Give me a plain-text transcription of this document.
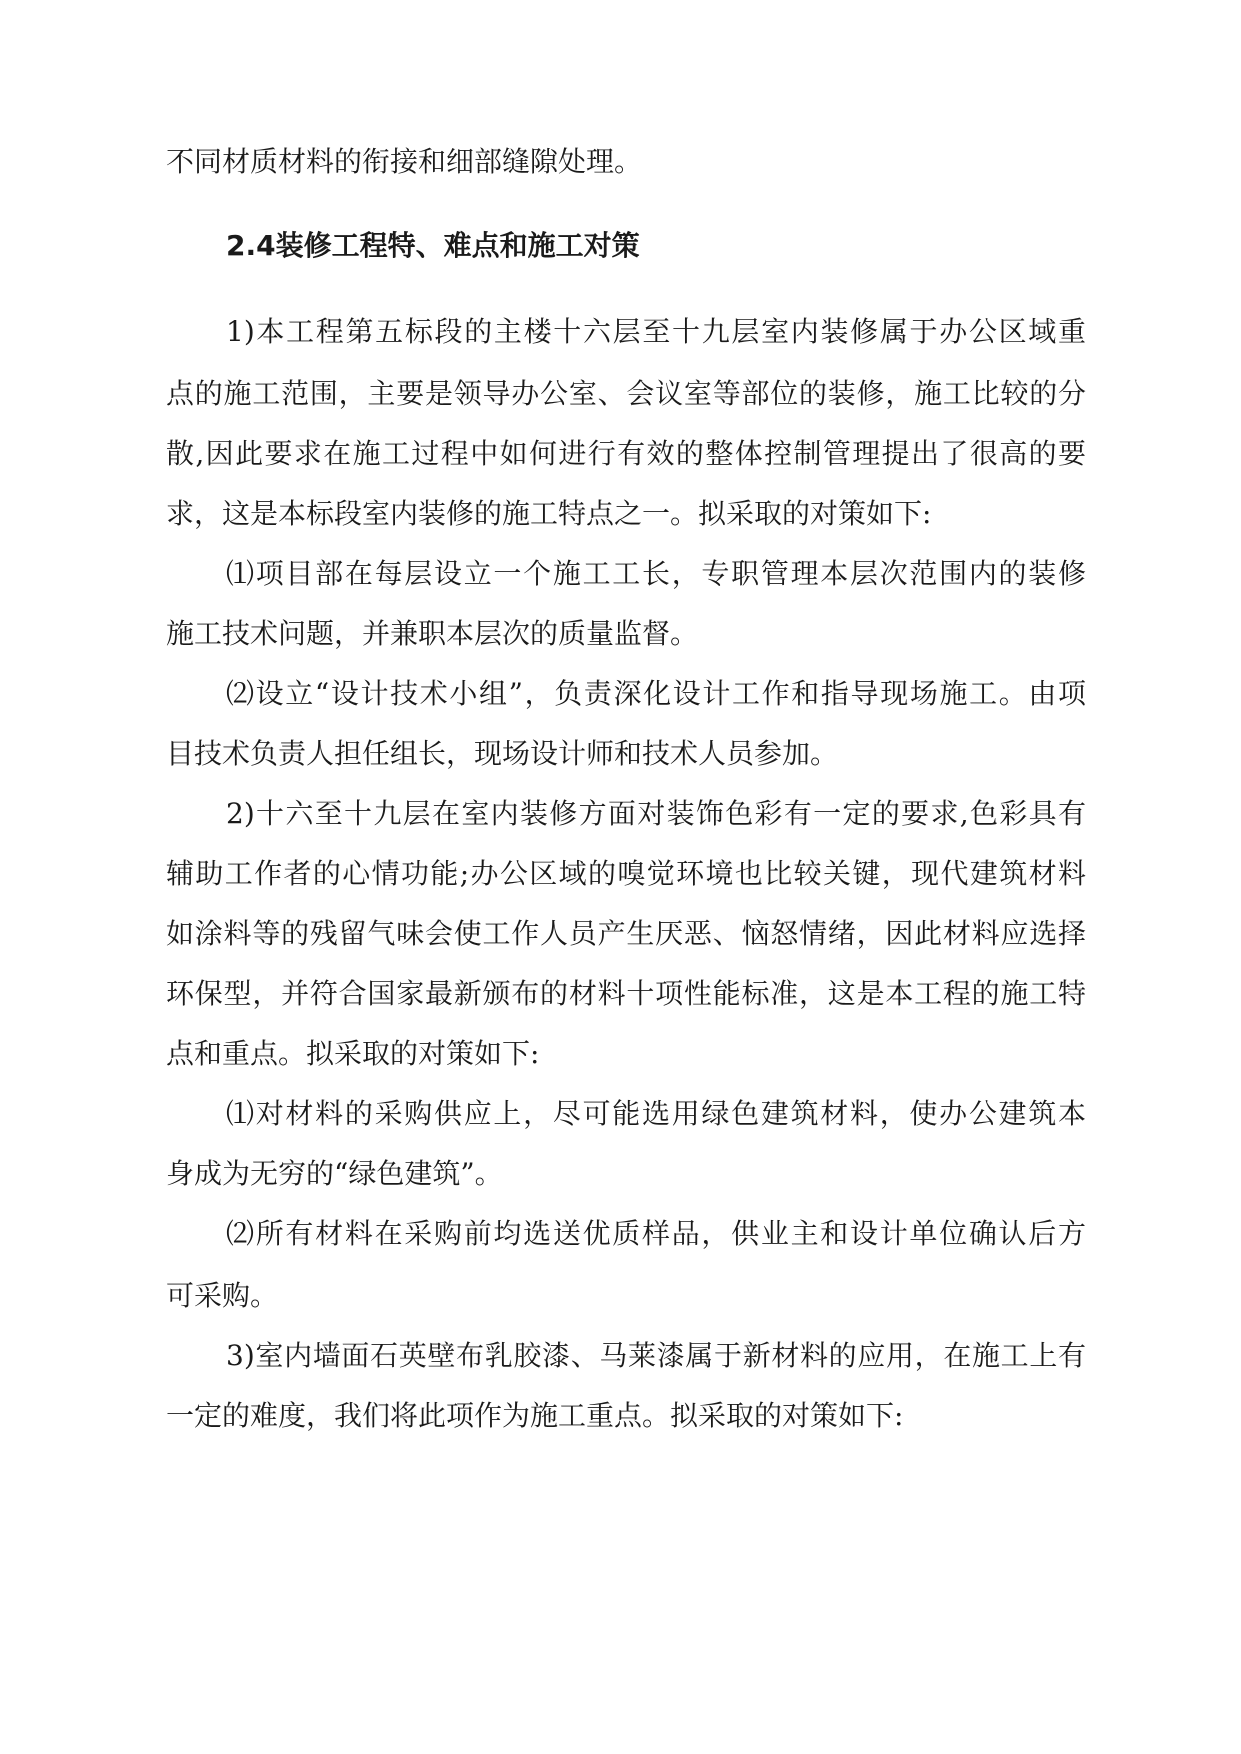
不同材质材料的衔接和细部缝隙处理。
2.4装修工程特、难点和施工对策
1)本工程第五标段的主楼十六层至十九层室内装修属于办公区域重
点的施工范围，主要是领导办公室、会议室等部位的装修，施工比较的分
散,因此要求在施工过程中如何进行有效的整体控制管理提出了很高的要
求，这是本标段室内装修的施工特点之一。拟采取的对策如下:
⑴项目部在每层设立一个施工工长，专职管理本层次范围内的装修
施工技术问题，并兼职本层次的质量监督。
⑵设立“设计技术小组”，负责深化设计工作和指导现场施工。由项
目技术负责人担任组长，现场设计师和技术人员参加。
2)十六至十九层在室内装修方面对装饰色彩有一定的要求,色彩具有
辅助工作者的心情功能;办公区域的嗅觉环境也比较关键，现代建筑材料
如涂料等的残留气味会使工作人员产生厌恶、恼怒情绪，因此材料应选择
环保型，并符合国家最新颁布的材料十项性能标准，这是本工程的施工特
点和重点。拟采取的对策如下:
⑴对材料的采购供应上，尽可能选用绿色建筑材料，使办公建筑本
身成为无穷的“绿色建筑”。
⑵所有材料在采购前均选送优质样品，供业主和设计单位确认后方
可采购。
3)室内墙面石英壁布乳胶漆、马莱漆属于新材料的应用，在施工上有
一定的难度，我们将此项作为施工重点。拟采取的对策如下:
